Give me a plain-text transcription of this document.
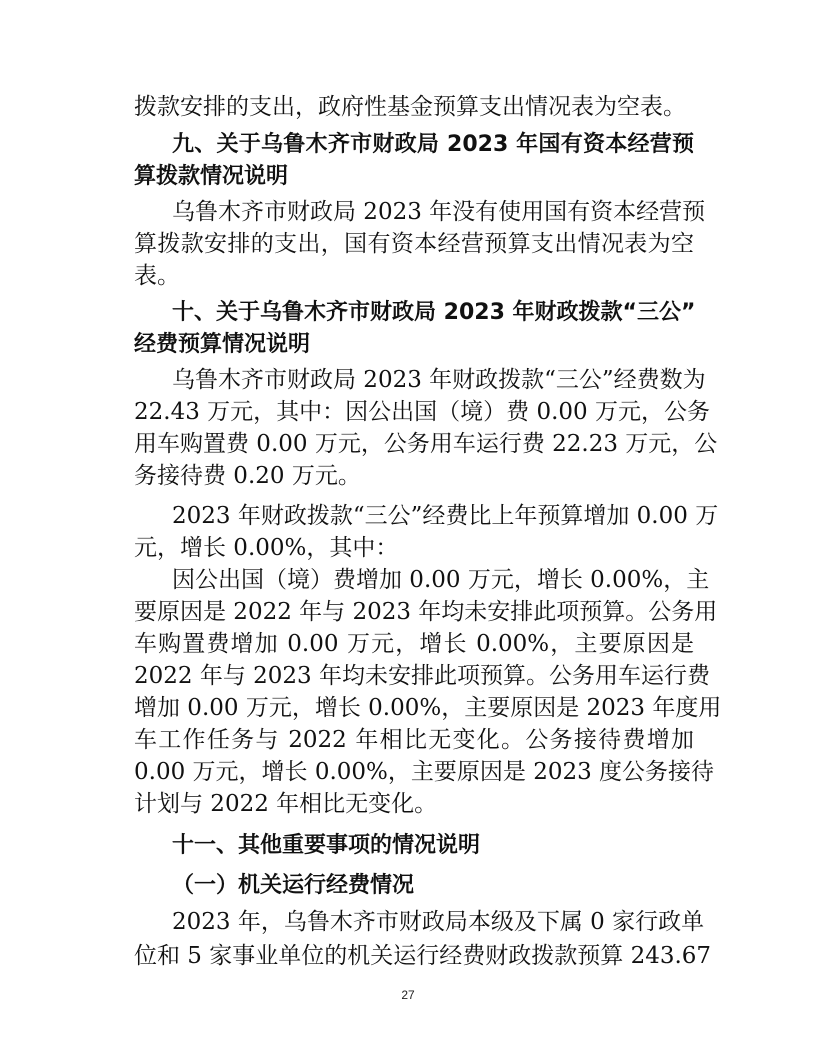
拨款安排的支出，政府性基金预算支出情况表为空表。
九、关于乌鲁木齐市财政局 2023 年国有资本经营预
算拨款情况说明
乌鲁木齐市财政局 2023 年没有使用国有资本经营预
算拨款安排的支出，国有资本经营预算支出情况表为空
表。
十、关于乌鲁木齐市财政局 2023 年财政拨款“三公”
经费预算情况说明
乌鲁木齐市财政局 2023 年财政拨款“三公”经费数为
22.43 万元，其中：因公出国（境）费 0.00 万元，公务
用车购置费 0.00 万元，公务用车运行费 22.23 万元，公
务接待费 0.20 万元。
2023 年财政拨款“三公”经费比上年预算增加 0.00 万
元，增长 0.00%，其中：
因公出国（境）费增加 0.00 万元，增长 0.00%，主
要原因是 2022 年与 2023 年均未安排此项预算。公务用
车购置费增加 0.00 万元，增长 0.00%，主要原因是
2022 年与 2023 年均未安排此项预算。公务用车运行费
增加 0.00 万元，增长 0.00%，主要原因是 2023 年度用
车工作任务与 2022 年相比无变化。公务接待费增加
0.00 万元，增长 0.00%，主要原因是 2023 度公务接待
计划与 2022 年相比无变化。
十一、其他重要事项的情况说明
（一）机关运行经费情况
2023 年，乌鲁木齐市财政局本级及下属 0 家行政单
位和 5 家事业单位的机关运行经费财政拨款预算 243.67
27
